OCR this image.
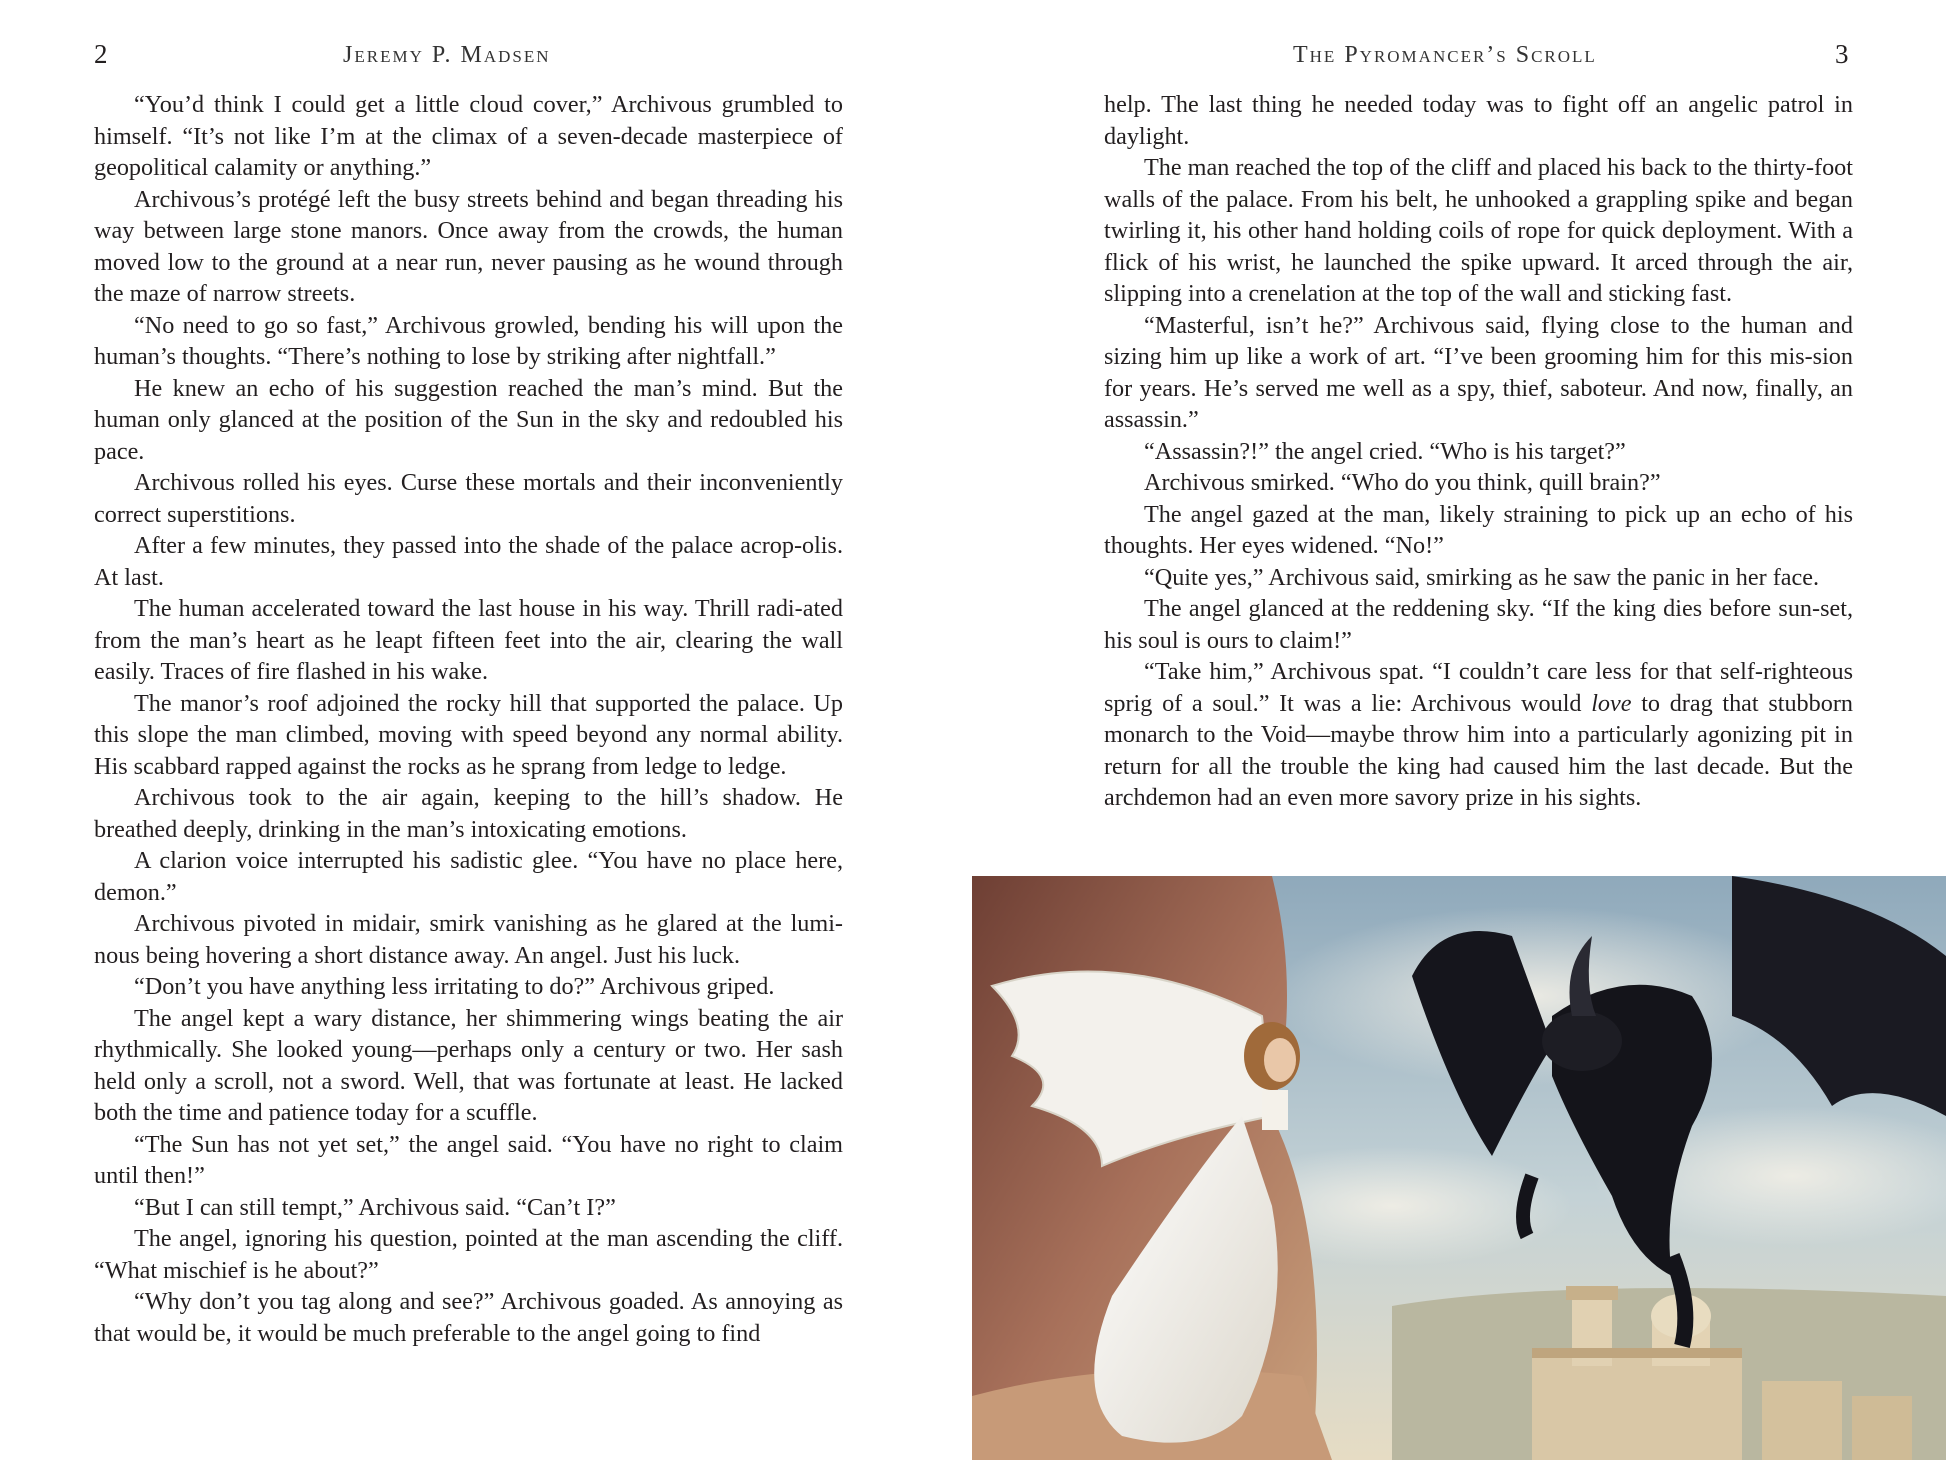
2	Jeremy P. Madsen

“You’d think I could get a little cloud cover,” Archivous grumbled to himself. “It’s not like I’m at the climax of a seven-decade masterpiece of geopolitical calamity or anything.”

Archivous’s protégé left the busy streets behind and began threading his way between large stone manors. Once away from the crowds, the human moved low to the ground at a near run, never pausing as he wound through the maze of narrow streets.

“No need to go so fast,” Archivous growled, bending his will upon the human’s thoughts. “There’s nothing to lose by striking after nightfall.”

He knew an echo of his suggestion reached the man’s mind. But the human only glanced at the position of the Sun in the sky and redoubled his pace.

Archivous rolled his eyes. Curse these mortals and their inconveniently correct superstitions.

After a few minutes, they passed into the shade of the palace acrop-olis. At last.

The human accelerated toward the last house in his way. Thrill radi-ated from the man’s heart as he leapt fifteen feet into the air, clearing the wall easily. Traces of fire flashed in his wake.

The manor’s roof adjoined the rocky hill that supported the palace. Up this slope the man climbed, moving with speed beyond any normal ability. His scabbard rapped against the rocks as he sprang from ledge to ledge.

Archivous took to the air again, keeping to the hill’s shadow. He breathed deeply, drinking in the man’s intoxicating emotions.

A clarion voice interrupted his sadistic glee. “You have no place here, demon.”

Archivous pivoted in midair, smirk vanishing as he glared at the lumi-nous being hovering a short distance away. An angel. Just his luck.

“Don’t you have anything less irritating to do?” Archivous griped.

The angel kept a wary distance, her shimmering wings beating the air rhythmically. She looked young—perhaps only a century or two. Her sash held only a scroll, not a sword. Well, that was fortunate at least. He lacked both the time and patience today for a scuffle.

“The Sun has not yet set,” the angel said. “You have no right to claim until then!”

“But I can still tempt,” Archivous said. “Can’t I?”

The angel, ignoring his question, pointed at the man ascending the cliff. “What mischief is he about?”

“Why don’t you tag along and see?” Archivous goaded. As annoying as that would be, it would be much preferable to the angel going to find

The Pyromancer’s Scroll	3

help. The last thing he needed today was to fight off an angelic patrol in daylight.

The man reached the top of the cliff and placed his back to the thirty-foot walls of the palace. From his belt, he unhooked a grappling spike and began twirling it, his other hand holding coils of rope for quick deployment. With a flick of his wrist, he launched the spike upward. It arced through the air, slipping into a crenelation at the top of the wall and sticking fast.

“Masterful, isn’t he?” Archivous said, flying close to the human and sizing him up like a work of art. “I’ve been grooming him for this mis-sion for years. He’s served me well as a spy, thief, saboteur. And now, finally, an assassin.”

“Assassin?!” the angel cried. “Who is his target?”

Archivous smirked. “Who do you think, quill brain?”

The angel gazed at the man, likely straining to pick up an echo of his thoughts. Her eyes widened. “No!”

“Quite yes,” Archivous said, smirking as he saw the panic in her face.

The angel glanced at the reddening sky. “If the king dies before sun-set, his soul is ours to claim!”

“Take him,” Archivous spat. “I couldn’t care less for that self-righteous sprig of a soul.” It was a lie: Archivous would love to drag that stubborn monarch to the Void—maybe throw him into a particularly agonizing pit in return for all the trouble the king had caused him the last decade. But the archdemon had an even more savory prize in his sights.
